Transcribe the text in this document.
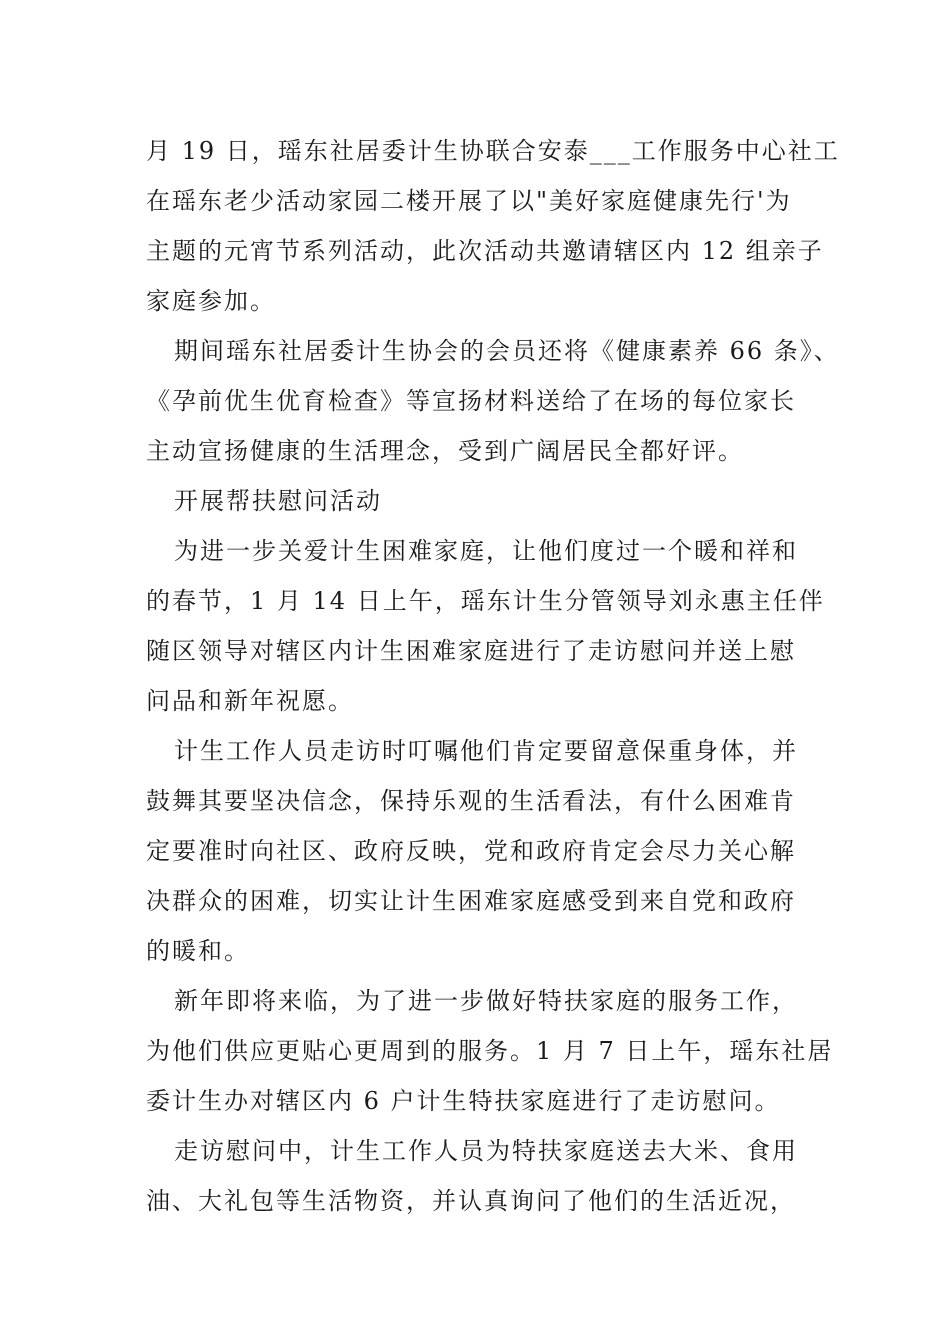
月 19 日，瑶东社居委计生协联合安泰___工作服务中心社工
在瑶东老少活动家园二楼开展了以"美好家庭健康先行'为
主题的元宵节系列活动，此次活动共邀请辖区内 12 组亲子
家庭参加。
期间瑶东社居委计生协会的会员还将《健康素养 66 条》、
《孕前优生优育检查》等宣扬材料送给了在场的每位家长
主动宣扬健康的生活理念，受到广阔居民全都好评。
开展帮扶慰问活动
为进一步关爱计生困难家庭，让他们度过一个暖和祥和
的春节，1 月 14 日上午，瑶东计生分管领导刘永惠主任伴
随区领导对辖区内计生困难家庭进行了走访慰问并送上慰
问品和新年祝愿。
计生工作人员走访时叮嘱他们肯定要留意保重身体，并
鼓舞其要坚决信念，保持乐观的生活看法，有什么困难肯
定要准时向社区、政府反映，党和政府肯定会尽力关心解
决群众的困难，切实让计生困难家庭感受到来自党和政府
的暖和。
新年即将来临，为了进一步做好特扶家庭的服务工作，
为他们供应更贴心更周到的服务。1 月 7 日上午，瑶东社居
委计生办对辖区内 6 户计生特扶家庭进行了走访慰问。
走访慰问中，计生工作人员为特扶家庭送去大米、食用
油、大礼包等生活物资，并认真询问了他们的生活近况，
